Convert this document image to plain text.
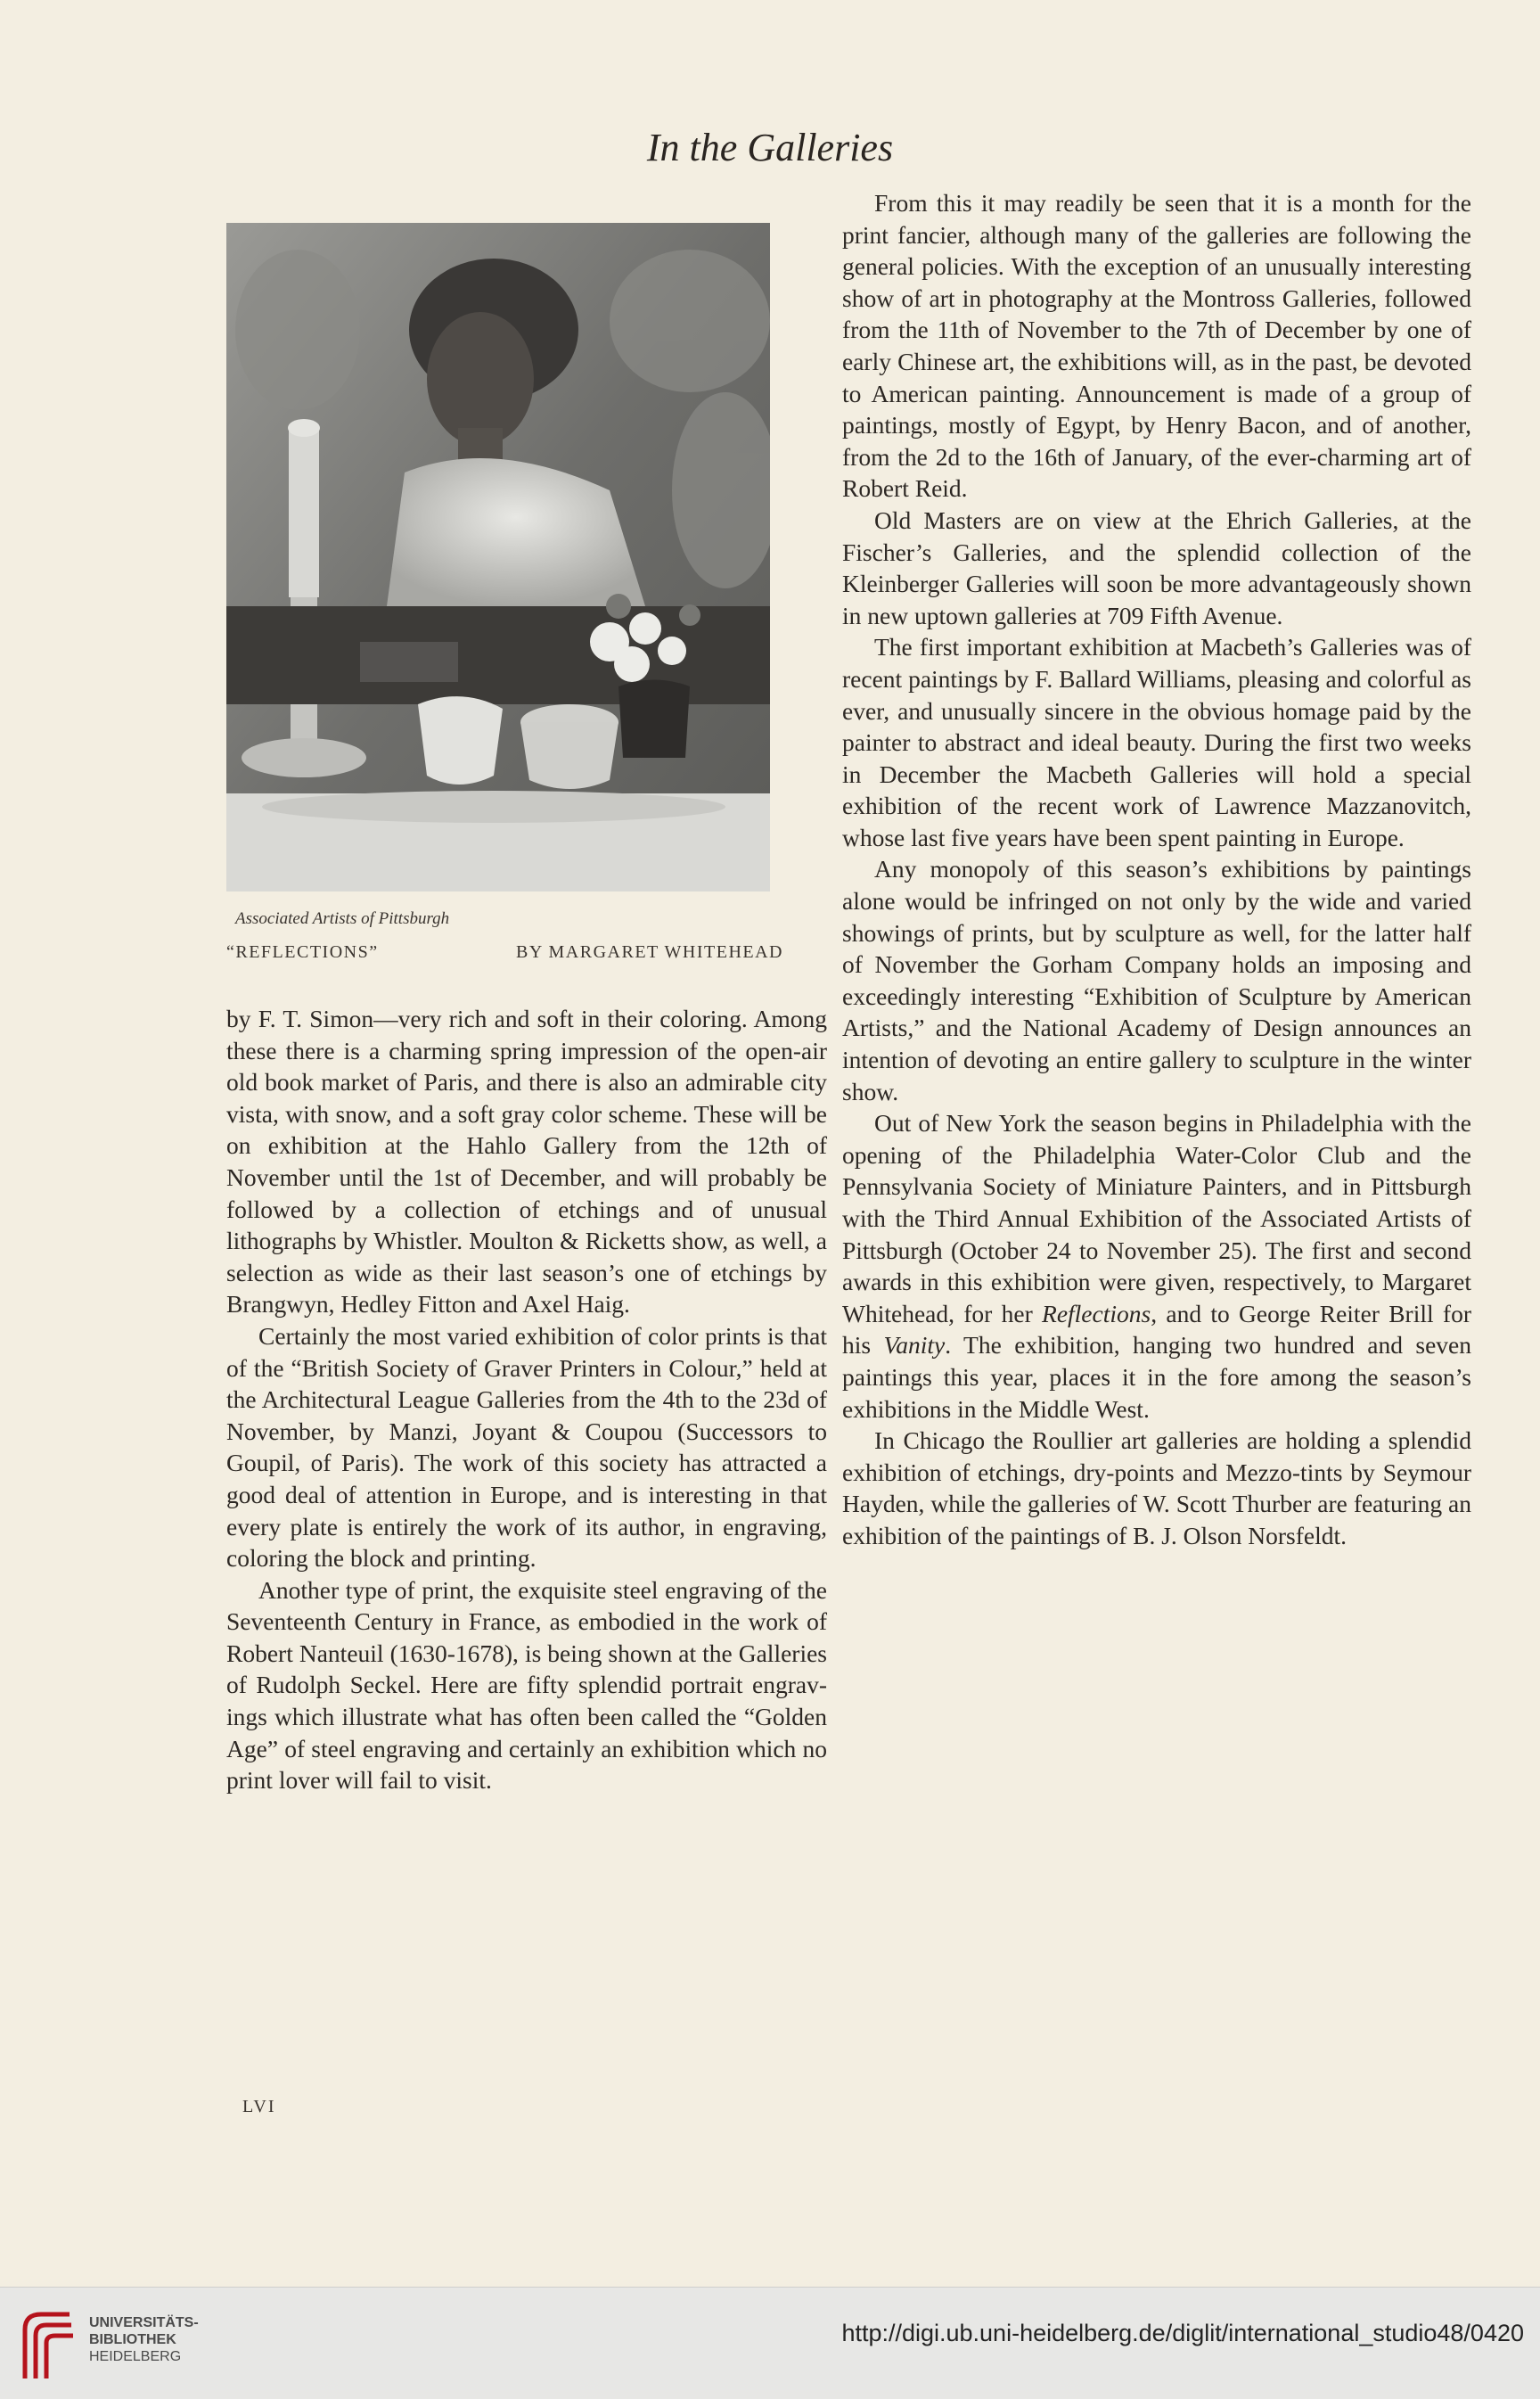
In the Galleries
Associated Artists of Pittsburgh
“REFLECTIONS”	BY MARGARET WHITEHEAD

by F. T. Simon—very rich and soft in their coloring. Among these there is a charming spring impression of the open-air old book market of Paris, and there is also an admirable city vista, with snow, and a soft gray color scheme. These will be on exhibition at the Hahlo Gallery from the 12th of November until the 1st of December, and will probably be followed by a collection of etchings and of unusual lithographs by Whistler. Moulton & Ricketts show, as well, a selection as wide as their last season’s one of etchings by Brangwyn, Hedley Fitton and Axel Haig.

Certainly the most varied exhibition of color prints is that of the “British Society of Graver Printers in Colour,” held at the Architectural League Galleries from the 4th to the 23d of November, by Manzi, Joyant & Coupou (Successors to Goupil, of Paris). The work of this society has attracted a good deal of attention in Europe, and is interesting in that every plate is entirely the work of its author, in engraving, coloring the block and printing.

Another type of print, the exquisite steel engraving of the Seventeenth Century in France, as embodied in the work of Robert Nanteuil (1630-1678), is being shown at the Galleries of Rudolph Seckel. Here are fifty splendid portrait engravings which illustrate what has often been called the “Golden Age” of steel engraving and certainly an exhibition which no print lover will fail to visit.

From this it may readily be seen that it is a month for the print fancier, although many of the galleries are following the general policies. With the exception of an unusually interesting show of art in photography at the Montross Galleries, followed from the 11th of November to the 7th of December by one of early Chinese art, the exhibitions will, as in the past, be devoted to American painting. Announcement is made of a group of paintings, mostly of Egypt, by Henry Bacon, and of another, from the 2d to the 16th of January, of the ever-charming art of Robert Reid.

Old Masters are on view at the Ehrich Galleries, at the Fischer’s Galleries, and the splendid collection of the Kleinberger Galleries will soon be more advantageously shown in new uptown galleries at 709 Fifth Avenue.

The first important exhibition at Macbeth’s Galleries was of recent paintings by F. Ballard Williams, pleasing and colorful as ever, and unusually sincere in the obvious homage paid by the painter to abstract and ideal beauty. During the first two weeks in December the Macbeth Galleries will hold a special exhibition of the recent work of Lawrence Mazzanovitch, whose last five years have been spent painting in Europe.

Any monopoly of this season’s exhibitions by paintings alone would be infringed on not only by the wide and varied showings of prints, but by sculpture as well, for the latter half of November the Gorham Company holds an imposing and exceedingly interesting “Exhibition of Sculpture by American Artists,” and the National Academy of Design announces an intention of devoting an entire gallery to sculpture in the winter show.

Out of New York the season begins in Philadelphia with the opening of the Philadelphia Water-Color Club and the Pennsylvania Society of Miniature Painters, and in Pittsburgh with the Third Annual Exhibition of the Associated Artists of Pittsburgh (October 24 to November 25). The first and second awards in this exhibition were given, respectively, to Margaret Whitehead, for her Reflections, and to George Reiter Brill for his Vanity. The exhibition, hanging two hundred and seven paintings this year, places it in the fore among the season’s exhibitions in the Middle West.

In Chicago the Roullier art galleries are holding a splendid exhibition of etchings, dry-points and Mezzo-tints by Seymour Hayden, while the galleries of W. Scott Thurber are featuring an exhibition of the paintings of B. J. Olson Norsfeldt.

LVI
UNIVERSITÄTS-
BIBLIOTHEK
HEIDELBERG
http://digi.ub.uni-heidelberg.de/diglit/international_studio48/0420
